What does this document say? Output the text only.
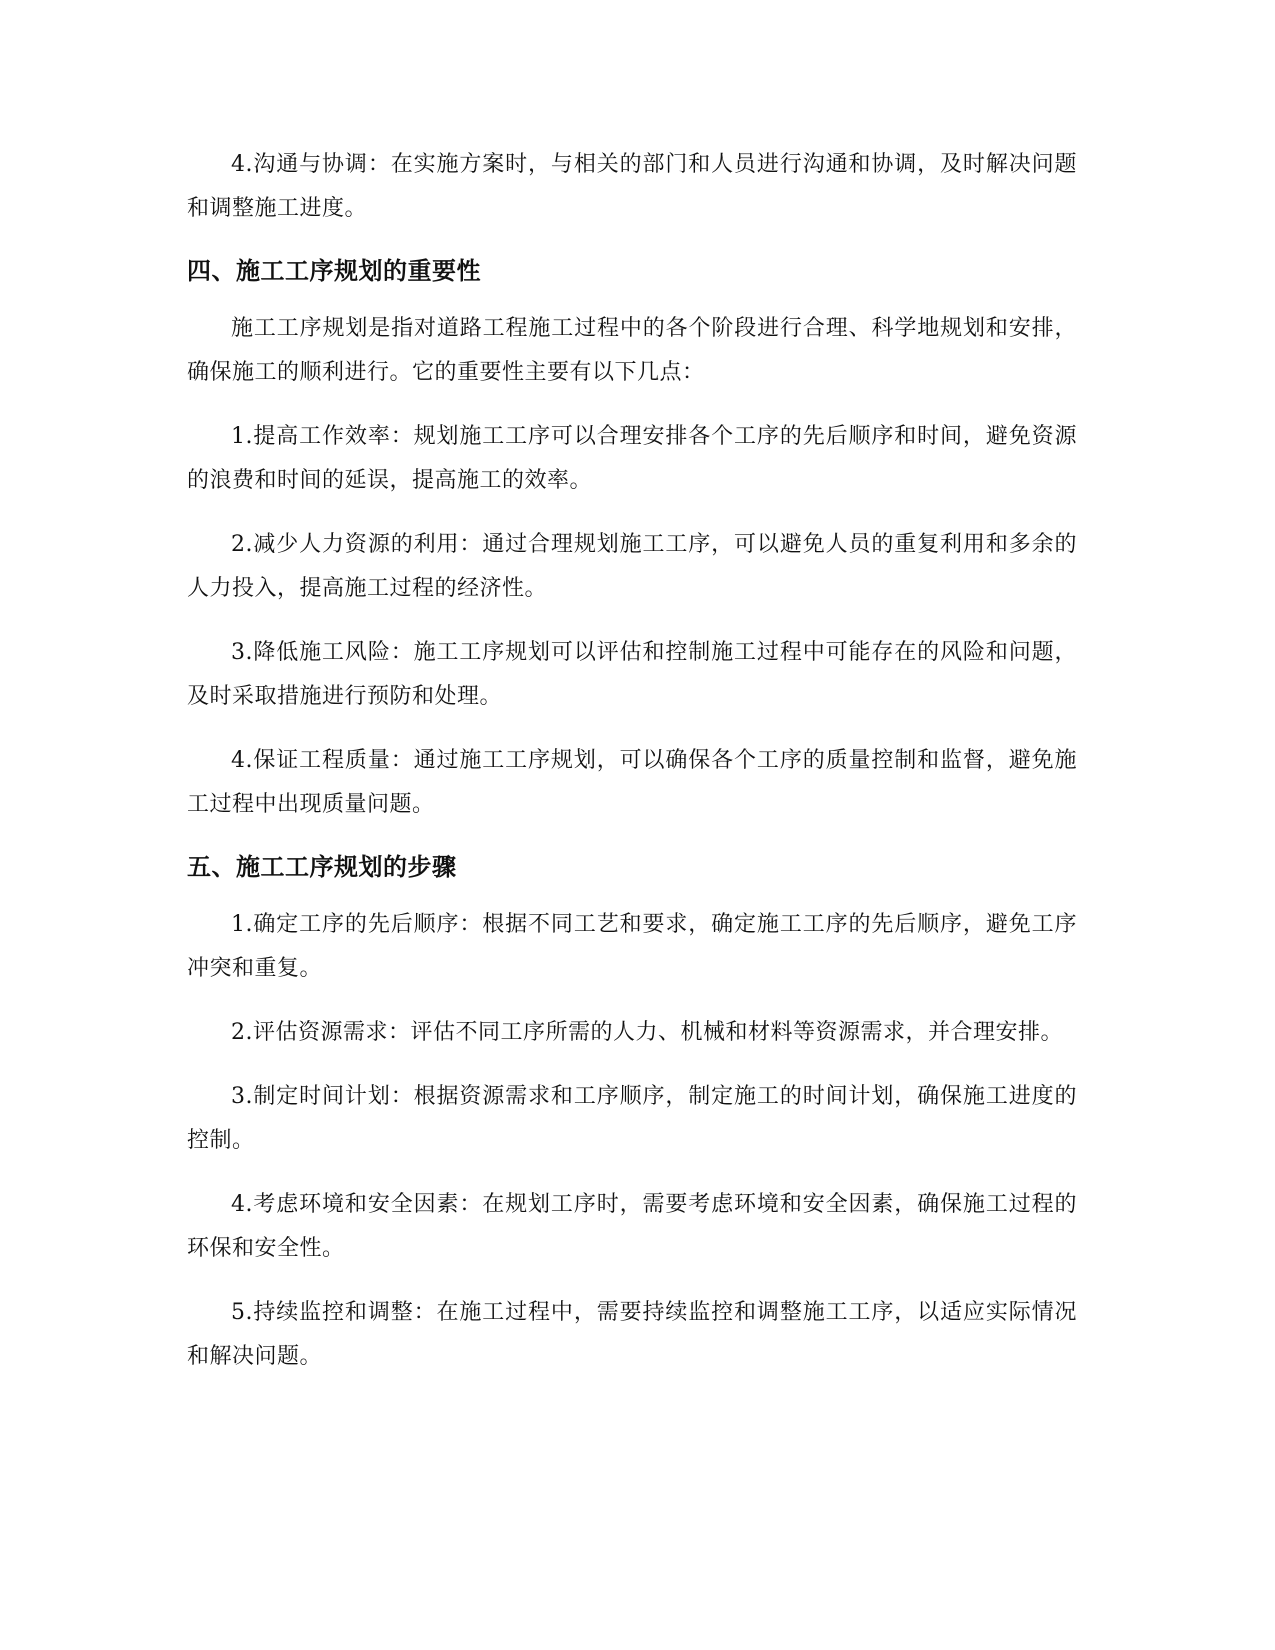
4.沟通与协调：在实施方案时，与相关的部门和人员进行沟通和协调，及时解决问题和调整施工进度。

四、施工工序规划的重要性

施工工序规划是指对道路工程施工过程中的各个阶段进行合理、科学地规划和安排，确保施工的顺利进行。它的重要性主要有以下几点：

1.提高工作效率：规划施工工序可以合理安排各个工序的先后顺序和时间，避免资源的浪费和时间的延误，提高施工的效率。

2.减少人力资源的利用：通过合理规划施工工序，可以避免人员的重复利用和多余的人力投入，提高施工过程的经济性。

3.降低施工风险：施工工序规划可以评估和控制施工过程中可能存在的风险和问题，及时采取措施进行预防和处理。

4.保证工程质量：通过施工工序规划，可以确保各个工序的质量控制和监督，避免施工过程中出现质量问题。

五、施工工序规划的步骤

1.确定工序的先后顺序：根据不同工艺和要求，确定施工工序的先后顺序，避免工序冲突和重复。

2.评估资源需求：评估不同工序所需的人力、机械和材料等资源需求，并合理安排。

3.制定时间计划：根据资源需求和工序顺序，制定施工的时间计划，确保施工进度的控制。

4.考虑环境和安全因素：在规划工序时，需要考虑环境和安全因素，确保施工过程的环保和安全性。

5.持续监控和调整：在施工过程中，需要持续监控和调整施工工序，以适应实际情况和解决问题。
